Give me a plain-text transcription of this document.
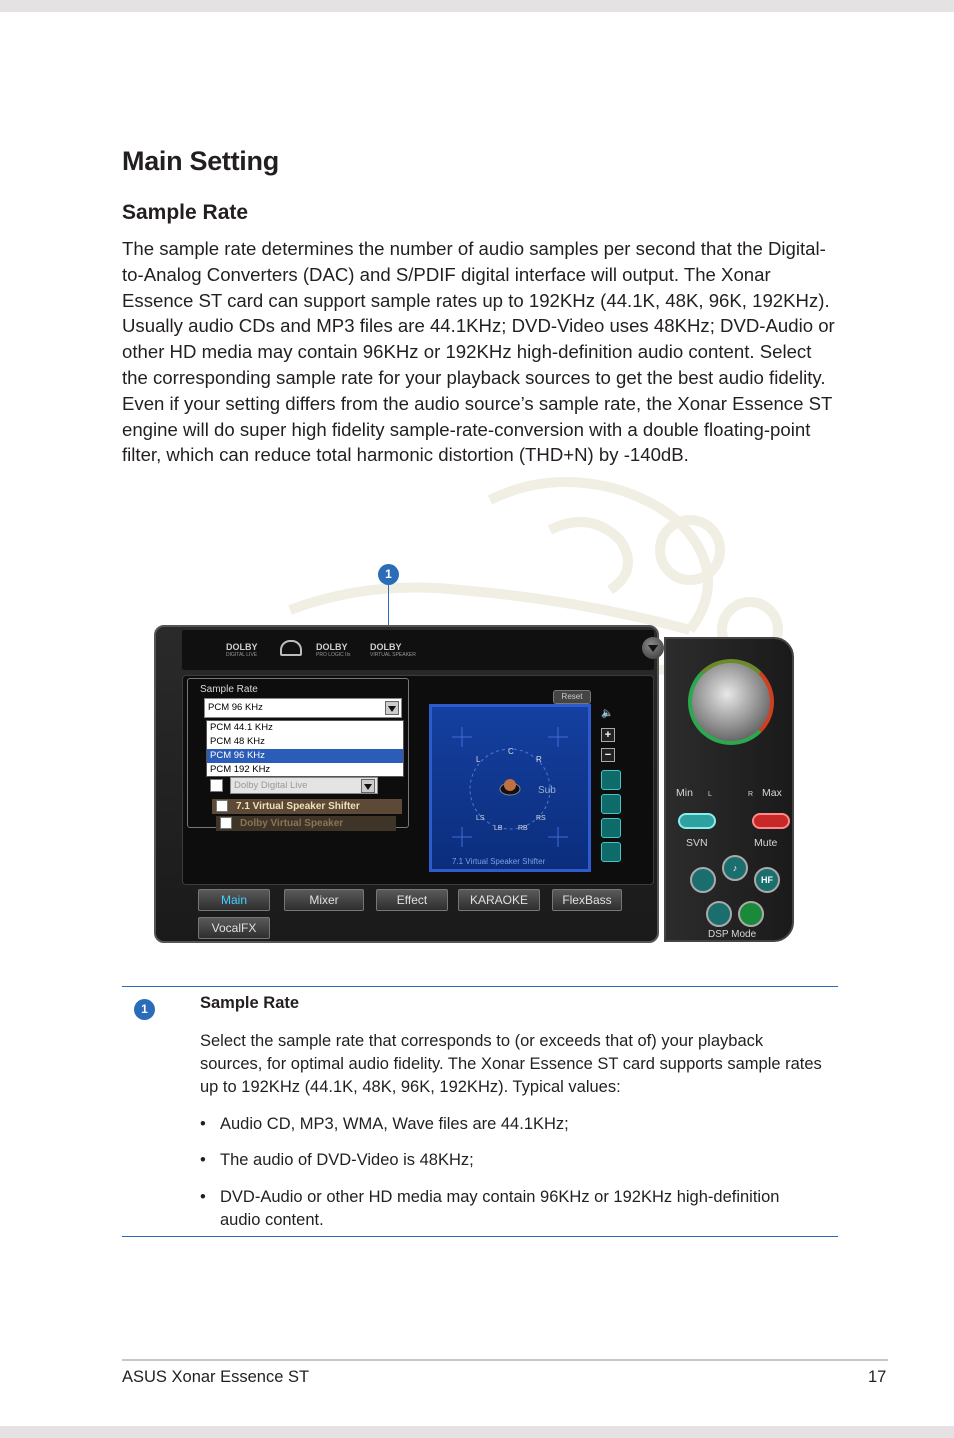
Main Setting
Sample Rate
The sample rate determines the number of audio samples per second that the Digital-to-Analog Converters (DAC) and S/PDIF digital interface will output. The Xonar Essence ST card can support sample rates up to 192KHz (44.1K, 48K, 96K, 192KHz). Usually audio CDs and MP3 files are 44.1KHz; DVD-Video uses 48KHz; DVD-Audio or other HD media may contain 96KHz or 192KHz high-definition audio content. Select the corresponding sample rate for your playback sources to get the best audio fidelity. Even if your setting differs from the audio source’s sample rate, the Xonar Essence ST engine will do super high fidelity sample-rate-conversion with a double floating-point filter, which can reduce total harmonic distortion (THD+N) by -140dB.
1
DOLBY
DIGITAL LIVE
DOLBY
PRO LOGIC IIx
DOLBY
VIRTUAL SPEAKER
Sample Rate
PCM 96 KHz
PCM 44.1 KHz
PCM 48 KHz
PCM 96 KHz
PCM 192 KHz
Dolby Digital Live
7.1 Virtual Speaker Shifter
Dolby Virtual Speaker
Reset
L
C
R
Sub
LS	RS
LB RB
7.1 Virtual Speaker Shifter
🔈
+
−
Main	Mixer	Effect	KARAOKE	FlexBass
VocalFX
Min L	R Max
SVN	Mute
♪
HF
DSP Mode
1	Sample Rate
Select the sample rate that corresponds to (or exceeds that of) your playback sources, for optimal audio fidelity. The Xonar Essence ST card supports sample rates up to 192KHz (44.1K, 48K, 96K, 192KHz). Typical values:
• Audio CD, MP3, WMA, Wave files are 44.1KHz;
• The audio of DVD-Video is 48KHz;
• DVD-Audio or other HD media may contain 96KHz or 192KHz high-definition audio content.
ASUS Xonar Essence ST	17
